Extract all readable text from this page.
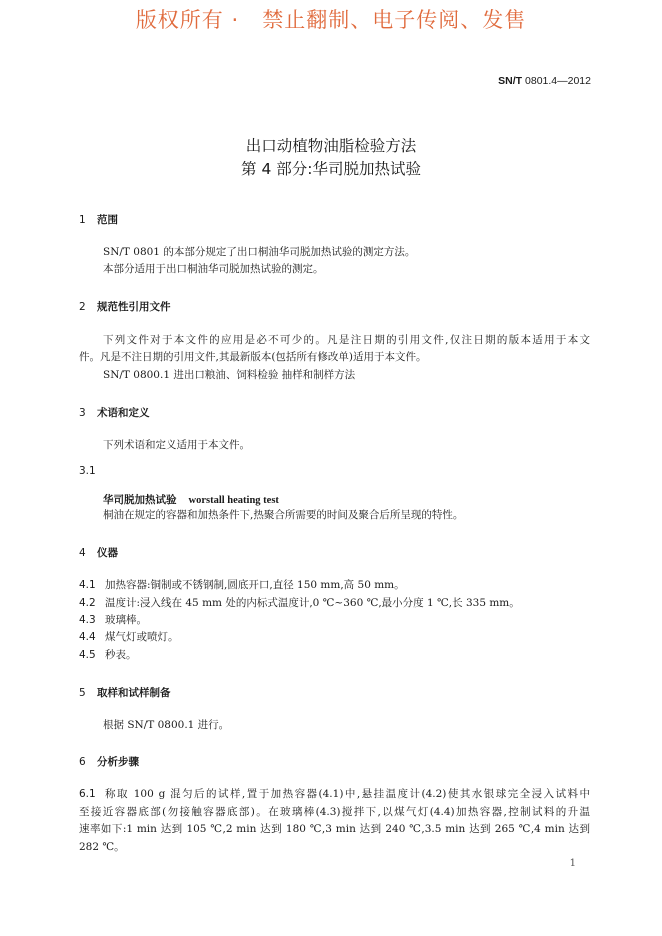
版权所有 ·   禁止翻制、电子传阅、发售
SN/T 0801.4—2012
出口动植物油脂检验方法
第 4 部分:华司脱加热试验
1 范围
SN/T 0801 的本部分规定了出口桐油华司脱加热试验的测定方法。
本部分适用于出口桐油华司脱加热试验的测定。
2 规范性引用文件
下列文件对于本文件的应用是必不可少的。凡是注日期的引用文件,仅注日期的版本适用于本文
件。凡是不注日期的引用文件,其最新版本(包括所有修改单)适用于本文件。
SN/T 0800.1 进出口粮油、饲料检验 抽样和制样方法
3 术语和定义
下列术语和定义适用于本文件。
3.1
华司脱加热试验 worstall heating test
桐油在规定的容器和加热条件下,热聚合所需要的时间及聚合后所呈现的特性。
4 仪器
4.1 加热容器:铜制或不锈钢制,圆底开口,直径 150 mm,高 50 mm。
4.2 温度计:浸入线在 45 mm 处的内标式温度计,0 ℃~360 ℃,最小分度 1 ℃,长 335 mm。
4.3 玻璃棒。
4.4 煤气灯或喷灯。
4.5 秒表。
5 取样和试样制备
根据 SN/T 0800.1 进行。
6 分析步骤
6.1 称取 100 g 混匀后的试样,置于加热容器(4.1)中,悬挂温度计(4.2)使其水银球完全浸入试料中
至接近容器底部(勿接触容器底部)。在玻璃棒(4.3)搅拌下,以煤气灯(4.4)加热容器,控制试料的升温
速率如下:1 min 达到 105 ℃,2 min 达到 180 ℃,3 min 达到 240 ℃,3.5 min 达到 265 ℃,4 min 达到
282 ℃。
1
